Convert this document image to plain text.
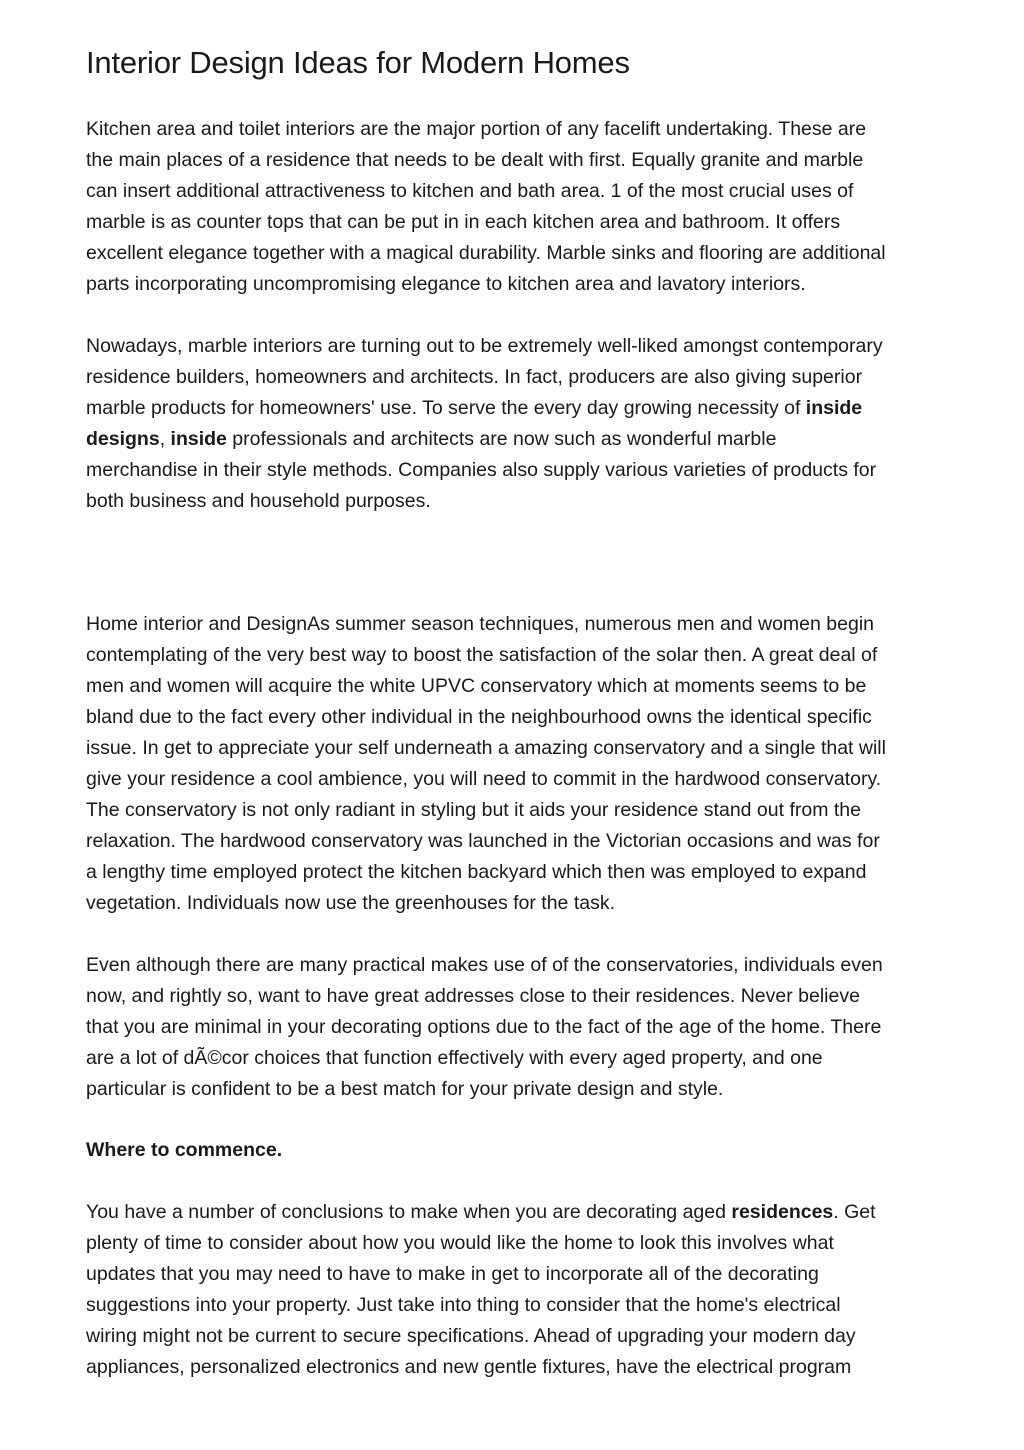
Interior Design Ideas for Modern Homes

Kitchen area and toilet interiors are the major portion of any facelift undertaking. These are
the main places of a residence that needs to be dealt with first. Equally granite and marble
can insert additional attractiveness to kitchen and bath area. 1 of the most crucial uses of
marble is as counter tops that can be put in in each kitchen area and bathroom. It offers
excellent elegance together with a magical durability. Marble sinks and flooring are additional
parts incorporating uncompromising elegance to kitchen area and lavatory interiors.

Nowadays, marble interiors are turning out to be extremely well-liked amongst contemporary
residence builders, homeowners and architects. In fact, producers are also giving superior
marble products for homeowners' use. To serve the every day growing necessity of inside
designs, inside professionals and architects are now such as wonderful marble
merchandise in their style methods. Companies also supply various varieties of products for
both business and household purposes.

Home interior and DesignAs summer season techniques, numerous men and women begin
contemplating of the very best way to boost the satisfaction of the solar then. A great deal of
men and women will acquire the white UPVC conservatory which at moments seems to be
bland due to the fact every other individual in the neighbourhood owns the identical specific
issue. In get to appreciate your self underneath a amazing conservatory and a single that will
give your residence a cool ambience, you will need to commit in the hardwood conservatory.
The conservatory is not only radiant in styling but it aids your residence stand out from the
relaxation. The hardwood conservatory was launched in the Victorian occasions and was for
a lengthy time employed protect the kitchen backyard which then was employed to expand
vegetation. Individuals now use the greenhouses for the task.

Even although there are many practical makes use of of the conservatories, individuals even
now, and rightly so, want to have great addresses close to their residences. Never believe
that you are minimal in your decorating options due to the fact of the age of the home. There
are a lot of dÃ©cor choices that function effectively with every aged property, and one
particular is confident to be a best match for your private design and style.

Where to commence.

You have a number of conclusions to make when you are decorating aged residences. Get
plenty of time to consider about how you would like the home to look this involves what
updates that you may need to have to make in get to incorporate all of the decorating
suggestions into your property. Just take into thing to consider that the home's electrical
wiring might not be current to secure specifications. Ahead of upgrading your modern day
appliances, personalized electronics and new gentle fixtures, have the electrical program
